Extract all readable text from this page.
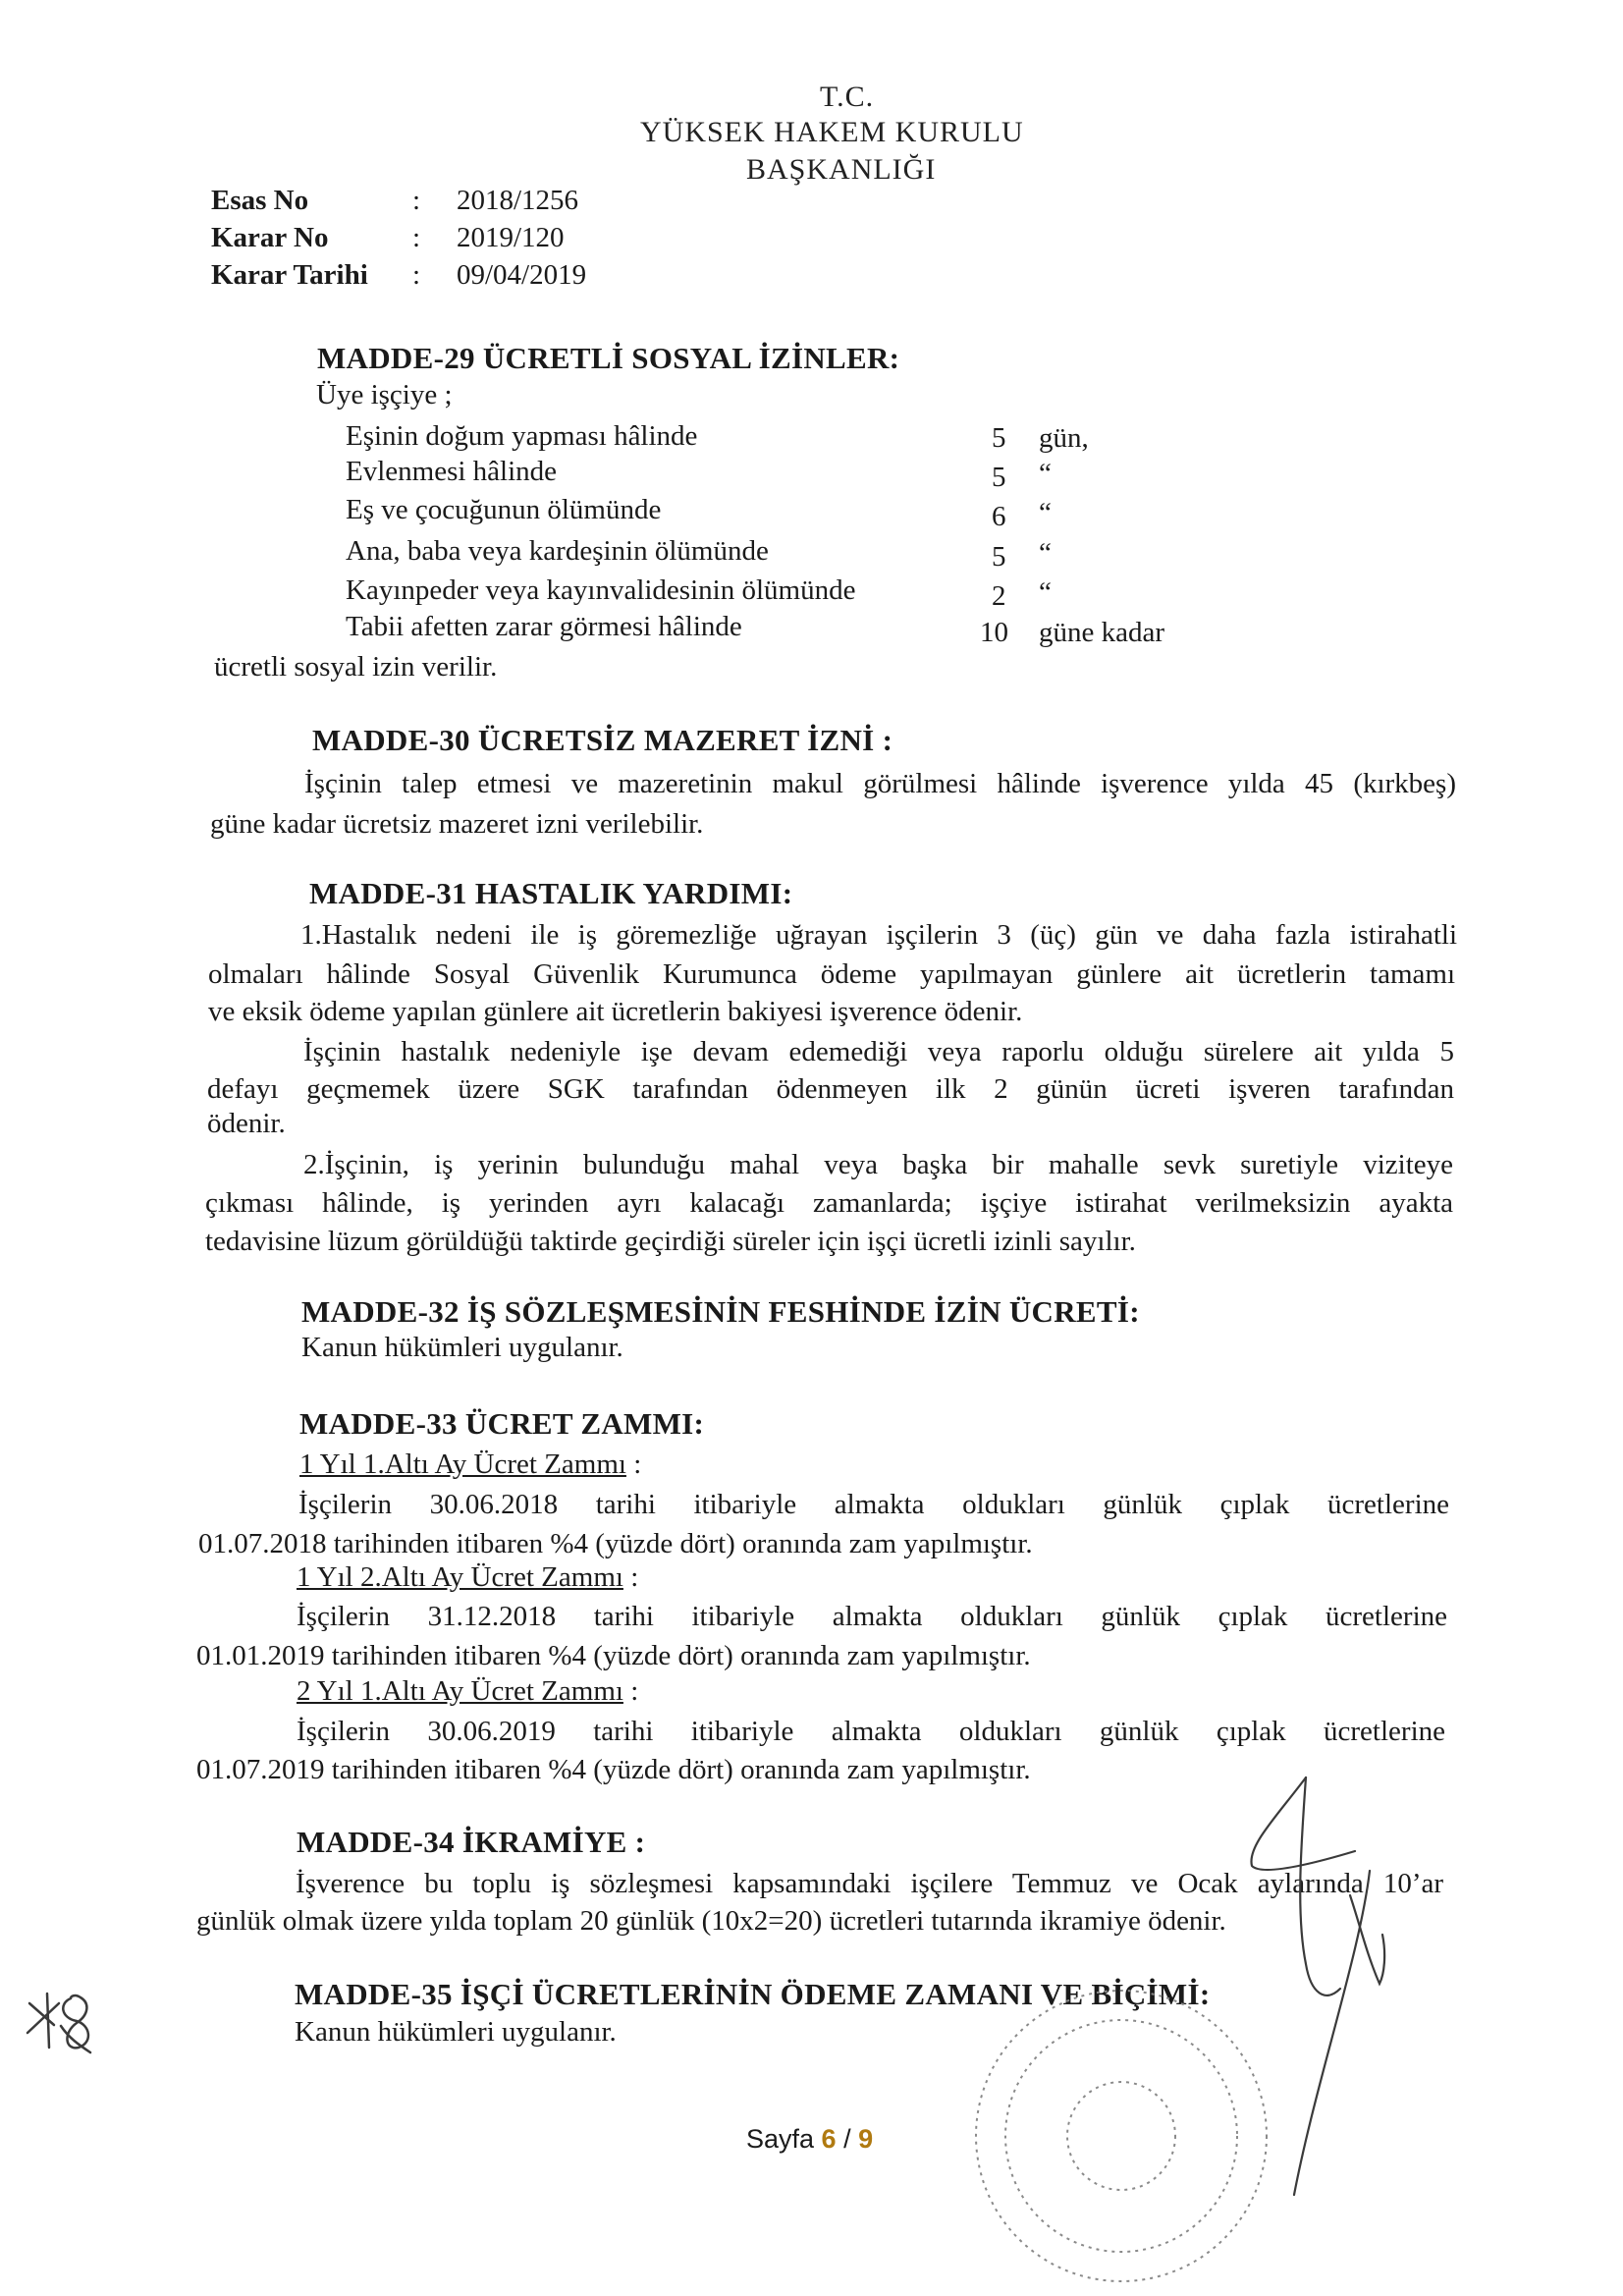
T.C.
YÜKSEK HAKEM KURULU
BAŞKANLIĞI
Esas No	: 2018/1256
Karar No	: 2019/120
Karar Tarihi : 09/04/2019
MADDE-29 ÜCRETLİ SOSYAL İZİNLER:
Üye işçiye ;
Eşinin doğum yapması hâlinde	5 gün,
Evlenmesi hâlinde	5 “
Eş ve çocuğunun ölümünde	6 “
Ana, baba veya kardeşinin ölümünde	5 “
Kayınpeder veya kayınvalidesinin ölümünde	2 “
Tabii afetten zarar görmesi hâlinde	10 güne kadar
ücretli sosyal izin verilir.
MADDE-30 ÜCRETSİZ MAZERET İZNİ :
İşçinin talep etmesi ve mazeretinin makul görülmesi hâlinde işverence yılda 45 (kırkbeş)
güne kadar ücretsiz mazeret izni verilebilir.
MADDE-31 HASTALIK YARDIMI:
1.Hastalık nedeni ile iş göremezliğe uğrayan işçilerin 3 (üç) gün ve daha fazla istirahatli
olmaları hâlinde Sosyal Güvenlik Kurumunca ödeme yapılmayan günlere ait ücretlerin tamamı
ve eksik ödeme yapılan günlere ait ücretlerin bakiyesi işverence ödenir.
İşçinin hastalık nedeniyle işe devam edemediği veya raporlu olduğu sürelere ait yılda 5
defayı geçmemek üzere SGK tarafından ödenmeyen ilk 2 günün ücreti işveren tarafından
ödenir.
2.İşçinin, iş yerinin bulunduğu mahal veya başka bir mahalle sevk suretiyle viziteye
çıkması hâlinde, iş yerinden ayrı kalacağı zamanlarda; işçiye istirahat verilmeksizin ayakta
tedavisine lüzum görüldüğü taktirde geçirdiği süreler için işçi ücretli izinli sayılır.
MADDE-32 İŞ SÖZLEŞMESİNİN FESHİNDE İZİN ÜCRETİ:
Kanun hükümleri uygulanır.
MADDE-33 ÜCRET ZAMMI:
1 Yıl 1.Altı Ay Ücret Zammı :
İşçilerin 30.06.2018 tarihi itibariyle almakta oldukları günlük çıplak ücretlerine
01.07.2018 tarihinden itibaren %4 (yüzde dört) oranında zam yapılmıştır.
1 Yıl 2.Altı Ay Ücret Zammı :
İşçilerin 31.12.2018 tarihi itibariyle almakta oldukları günlük çıplak ücretlerine
01.01.2019 tarihinden itibaren %4 (yüzde dört) oranında zam yapılmıştır.
2 Yıl 1.Altı Ay Ücret Zammı :
İşçilerin 30.06.2019 tarihi itibariyle almakta oldukları günlük çıplak ücretlerine
01.07.2019 tarihinden itibaren %4 (yüzde dört) oranında zam yapılmıştır.
MADDE-34 İKRAMİYE :
İşverence bu toplu iş sözleşmesi kapsamındaki işçilere Temmuz ve Ocak aylarında 10’ar
günlük olmak üzere yılda toplam 20 günlük (10x2=20) ücretleri tutarında ikramiye ödenir.
MADDE-35 İŞÇİ ÜCRETLERİNİN ÖDEME ZAMANI VE BİÇİMİ:
Kanun hükümleri uygulanır.
Sayfa 6 / 9
